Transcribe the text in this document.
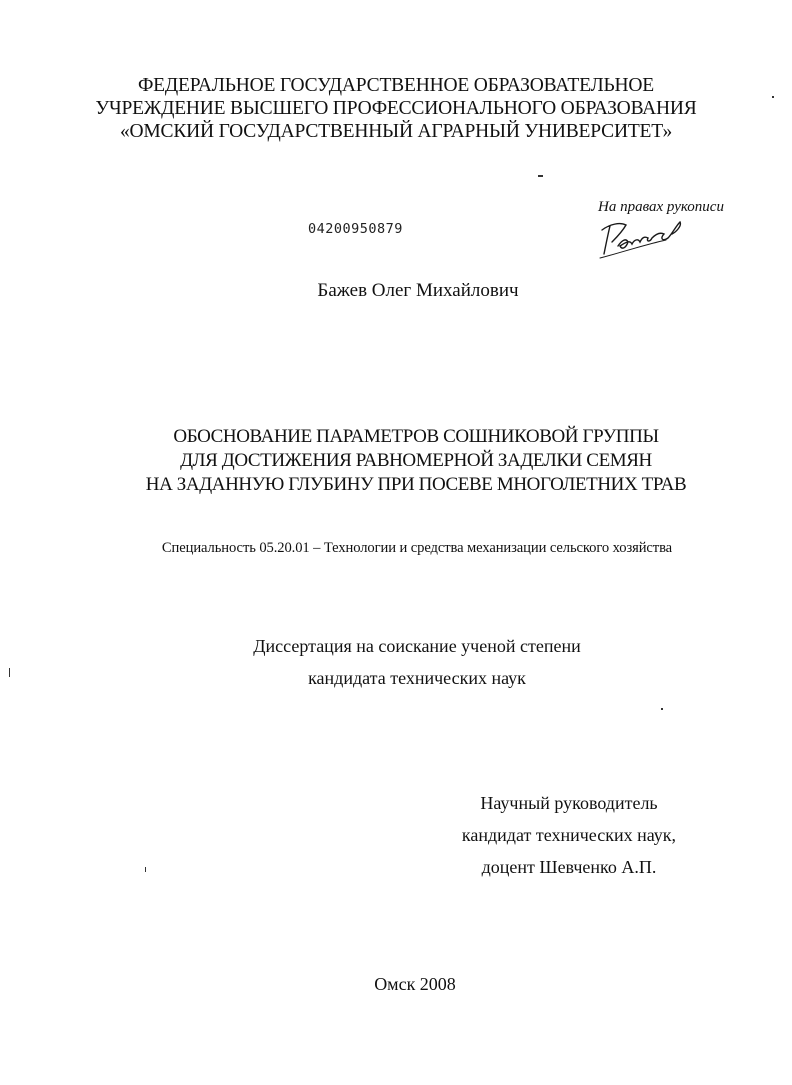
ФЕДЕРАЛЬНОЕ ГОСУДАРСТВЕННОЕ ОБРАЗОВАТЕЛЬНОЕ
УЧРЕЖДЕНИЕ ВЫСШЕГО ПРОФЕССИОНАЛЬНОГО ОБРАЗОВАНИЯ
«ОМСКИЙ ГОСУДАРСТВЕННЫЙ АГРАРНЫЙ УНИВЕРСИТЕТ»
На правах рукописи
04200950879
Бажев Олег Михайлович
ОБОСНОВАНИЕ ПАРАМЕТРОВ СОШНИКОВОЙ ГРУППЫ
ДЛЯ ДОСТИЖЕНИЯ РАВНОМЕРНОЙ ЗАДЕЛКИ СЕМЯН
НА ЗАДАННУЮ ГЛУБИНУ ПРИ ПОСЕВЕ МНОГОЛЕТНИХ ТРАВ
Специальность 05.20.01 – Технологии и средства механизации сельского хозяйства
Диссертация на соискание ученой степени
кандидата технических наук
Научный руководитель
кандидат технических наук,
доцент Шевченко А.П.
Омск 2008
